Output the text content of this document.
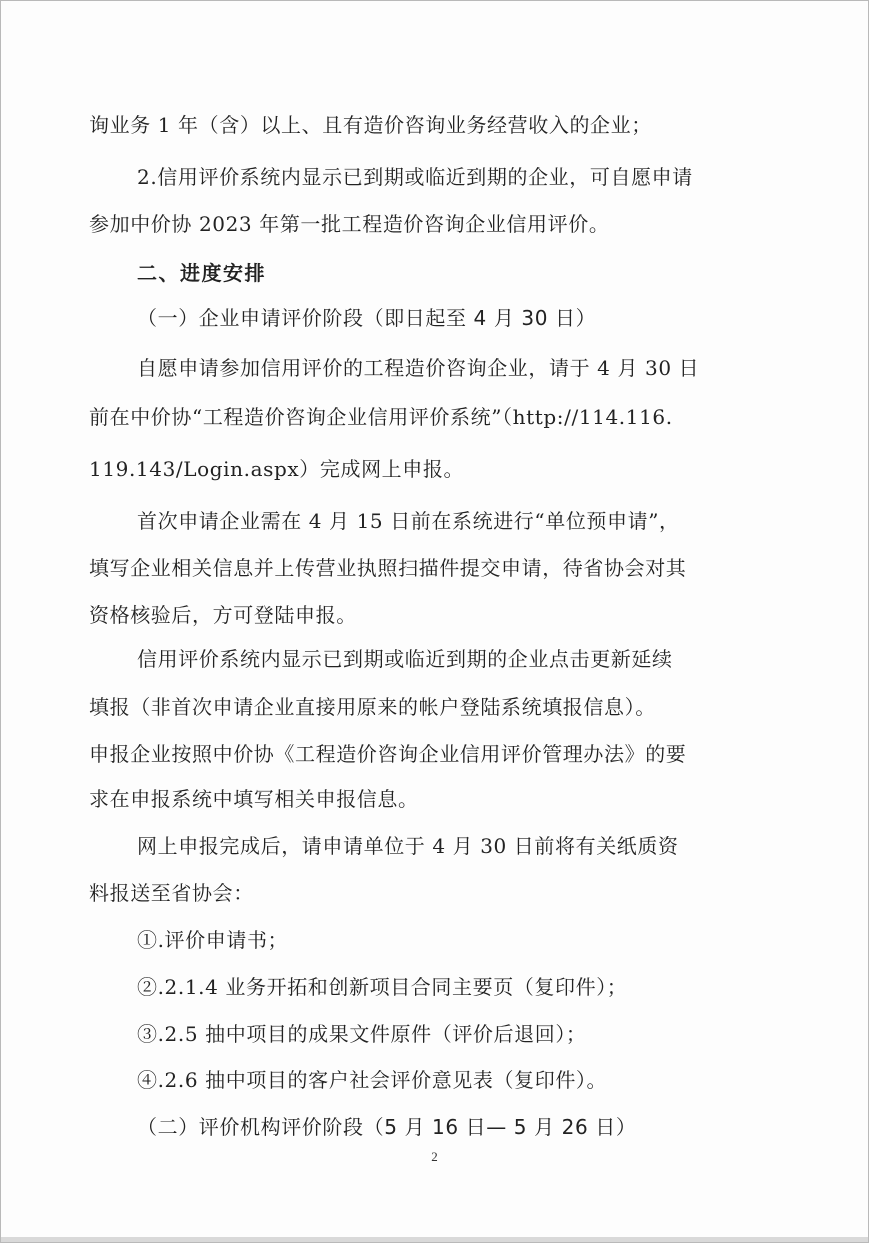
询业务 1 年（含）以上、且有造价咨询业务经营收入的企业；
2.信用评价系统内显示已到期或临近到期的企业，可自愿申请
参加中价协 2023 年第一批工程造价咨询企业信用评价。
二、进度安排
（一）企业申请评价阶段（即日起至 4 月 30 日）
自愿申请参加信用评价的工程造价咨询企业，请于 4 月 30 日
前在中价协“工程造价咨询企业信用评价系统”（http://114.116.
119.143/Login.aspx）完成网上申报。
首次申请企业需在 4 月 15 日前在系统进行“单位预申请”，
填写企业相关信息并上传营业执照扫描件提交申请，待省协会对其
资格核验后，方可登陆申报。
信用评价系统内显示已到期或临近到期的企业点击更新延续
填报（非首次申请企业直接用原来的帐户登陆系统填报信息）。
申报企业按照中价协《工程造价咨询企业信用评价管理办法》的要
求在申报系统中填写相关申报信息。
网上申报完成后，请申请单位于 4 月 30 日前将有关纸质资
料报送至省协会：
①.评价申请书；
②.2.1.4 业务开拓和创新项目合同主要页（复印件）；
③.2.5 抽中项目的成果文件原件（评价后退回）；
④.2.6 抽中项目的客户社会评价意见表（复印件）。
（二）评价机构评价阶段（5 月 16 日— 5 月 26 日）
2
